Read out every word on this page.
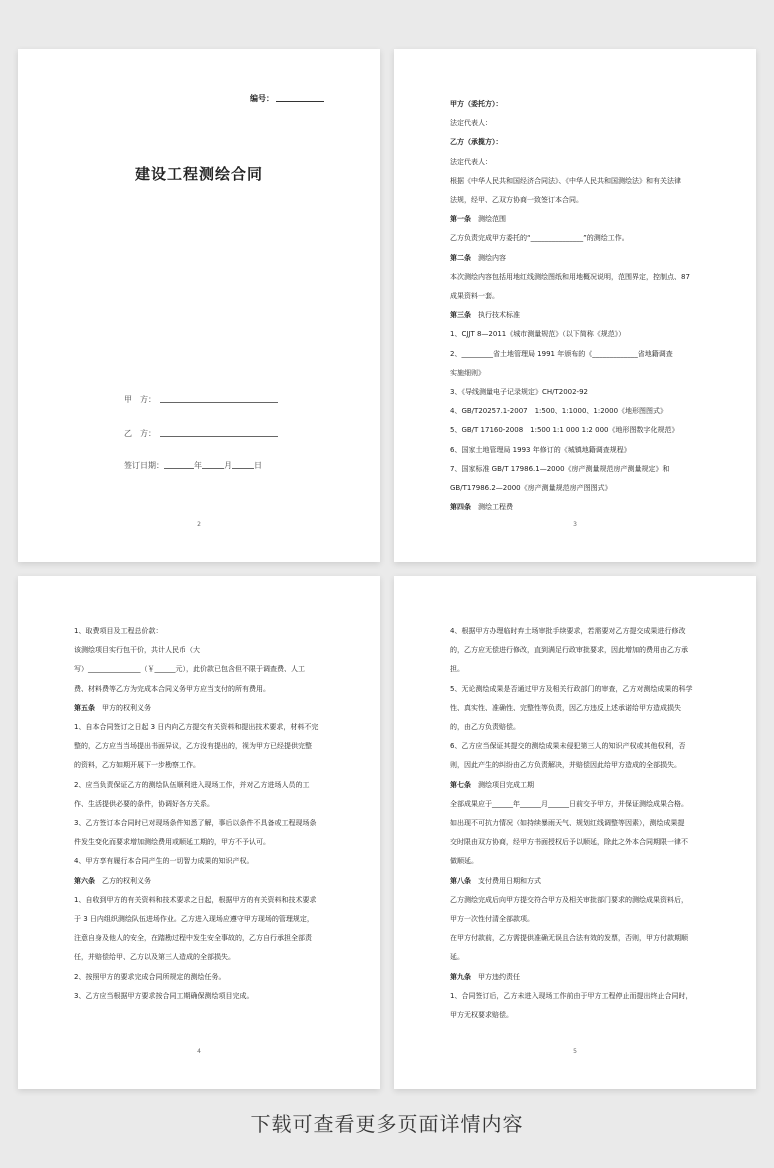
编号：
建设工程测绘合同
甲　方：
乙　方：
签订日期：	年	月	日
2

甲方（委托方）：

法定代表人：

乙方（承揽方）：

法定代表人：

根据《中华人民共和国经济合同法》、《中华人民共和国测绘法》和有关法律

法规，经甲、乙双方协商一致签订本合同。

第一条　 测绘范围

乙方负责完成甲方委托的“_______________”的测绘工作。

第二条　 测绘内容

本次测绘内容包括用地红线测绘图纸和用地概况说明，范围界定，控制点、87

成果资料一套。

第三条　 执行技术标准

1、CJJT 8—2011《城市测量规范》（以下简称《规范》）

2、_________省土地管理局 1991 年颁布的《_____________省地籍调查

实施细则》

3、《导线测量电子记录规定》CH/T2002-92

4、GB/T20257.1-2007　1:500、1:1000、1:2000《地形图图式》

5、GB/T 17160-2008　1:500 1:1 000 1:2 000《地形图数字化规范》

6、国家土地管理局 1993 年修订的《城镇地籍调查规程》

7、国家标准 GB/T 17986.1—2000《房产测量规范房产测量规定》和

GB/T17986.2—2000《房产测量规范房产图图式》

第四条　 测绘工程费

3

1、取费项目及工程总价款：

该测绘项目实行包干价，共计人民币（大

写）_______________（￥______元），此价款已包含但不限于调查费、人工

费、材料费等乙方为完成本合同义务甲方应当支付的所有费用。

第五条　 甲方的权利义务

1、自本合同签订之日起 3 日内向乙方提交有关资料和提出技术要求，材料不完

整的，乙方应当当场提出书面异议，乙方没有提出的，视为甲方已经提供完整

的资料，乙方如期开展下一步勘察工作。

2、应当负责保证乙方的测绘队伍顺利进入现场工作，并对乙方进场人员的工

作、生活提供必要的条件，协调好各方关系。

3、乙方签订本合同时已对现场条件知悉了解，事后以条件不具备或工程现场条

件发生变化而要求增加测绘费用或顺延工期的，甲方不予认可。

4、甲方享有履行本合同产生的一切智力成果的知识产权。

第六条　 乙方的权利义务

1、自收到甲方的有关资料和技术要求之日起，根据甲方的有关资料和技术要求

于 3 日内组织测绘队伍进场作业。乙方进入现场应遵守甲方现场的管理规定，

注意自身及他人的安全，在踏勘过程中发生安全事故的，乙方自行承担全部责

任，并赔偿给甲、乙方以及第三人造成的全部损失。

2、按照甲方的要求完成合同所规定的测绘任务。

3、乙方应当根据甲方要求按合同工期确保测绘项目完成。

4

4、根据甲方办理临时弃土场审批手续要求，若需要对乙方提交成果进行修改

的，乙方应无偿进行修改，直到满足行政审批要求，因此增加的费用由乙方承

担。

5、无论测绘成果是否通过甲方及相关行政部门的审查，乙方对测绘成果的科学

性、真实性、准确性、完整性等负责，因乙方违反上述承诺给甲方造成损失

的，由乙方负责赔偿。

6、乙方应当保证其提交的测绘成果未侵犯第三人的知识产权或其他权利，否

则，因此产生的纠纷由乙方负责解决，并赔偿因此给甲方造成的全部损失。

第七条　 测绘项目完成工期

全部成果应于______年______月______日前交予甲方，并保证测绘成果合格。

如出现不可抗力情况（如持续暴雨天气、规划红线调整等因素），测绘成果提

交时限由双方协商，经甲方书面授权后予以顺延，除此之外本合同期限一律不

做顺延。

第八条　 支付费用日期和方式

乙方测绘完成后向甲方提交符合甲方及相关审批部门要求的测绘成果资料后，

甲方一次性付清全部款项。

在甲方付款前，乙方需提供准确无误且合法有效的发票，否则，甲方付款期顺

延。

第九条　 甲方违约责任

1、合同签订后，乙方未进入现场工作前由于甲方工程停止而提出终止合同时，

甲方无权要求赔偿。

5
下载可查看更多页面详情内容
